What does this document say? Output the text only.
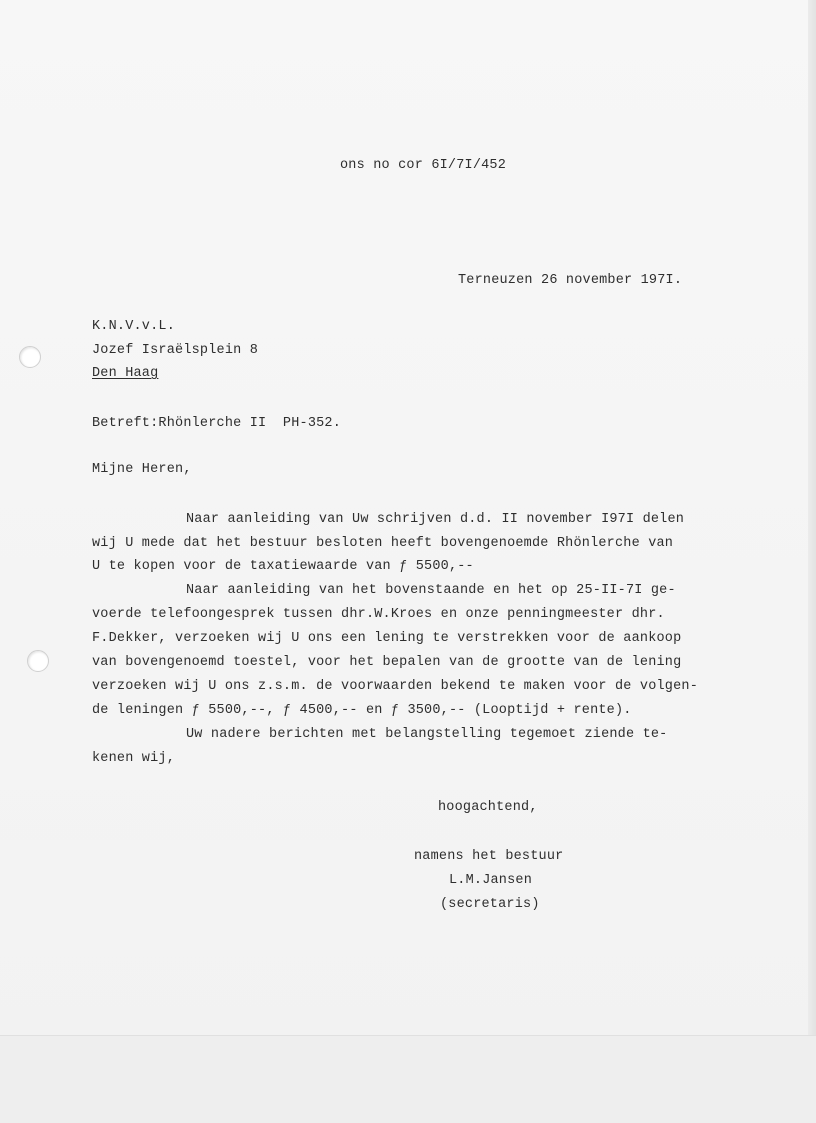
ons no cor 6I/7I/452
Terneuzen 26 november 197I.
K.N.V.v.L.
Jozef Israëlsplein 8
Den Haag
Betreft:Rhönlerche II  PH-352.
Mijne Heren,
Naar aanleiding van Uw schrijven d.d. II november I97I delen
wij U mede dat het bestuur besloten heeft bovengenoemde Rhönlerche van
U te kopen voor de taxatiewaarde van ƒ 5500,--
Naar aanleiding van het bovenstaande en het op 25-II-7I ge-
voerde telefoongesprek tussen dhr.W.Kroes en onze penningmeester dhr.
F.Dekker, verzoeken wij U ons een lening te verstrekken voor de aankoop
van bovengenoemd toestel, voor het bepalen van de grootte van de lening
verzoeken wij U ons z.s.m. de voorwaarden bekend te maken voor de volgen-
de leningen ƒ 5500,--, ƒ 4500,-- en ƒ 3500,-- (Looptijd + rente).
Uw nadere berichten met belangstelling tegemoet ziende te-
kenen wij,
hoogachtend,
namens het bestuur
L.M.Jansen
(secretaris)
